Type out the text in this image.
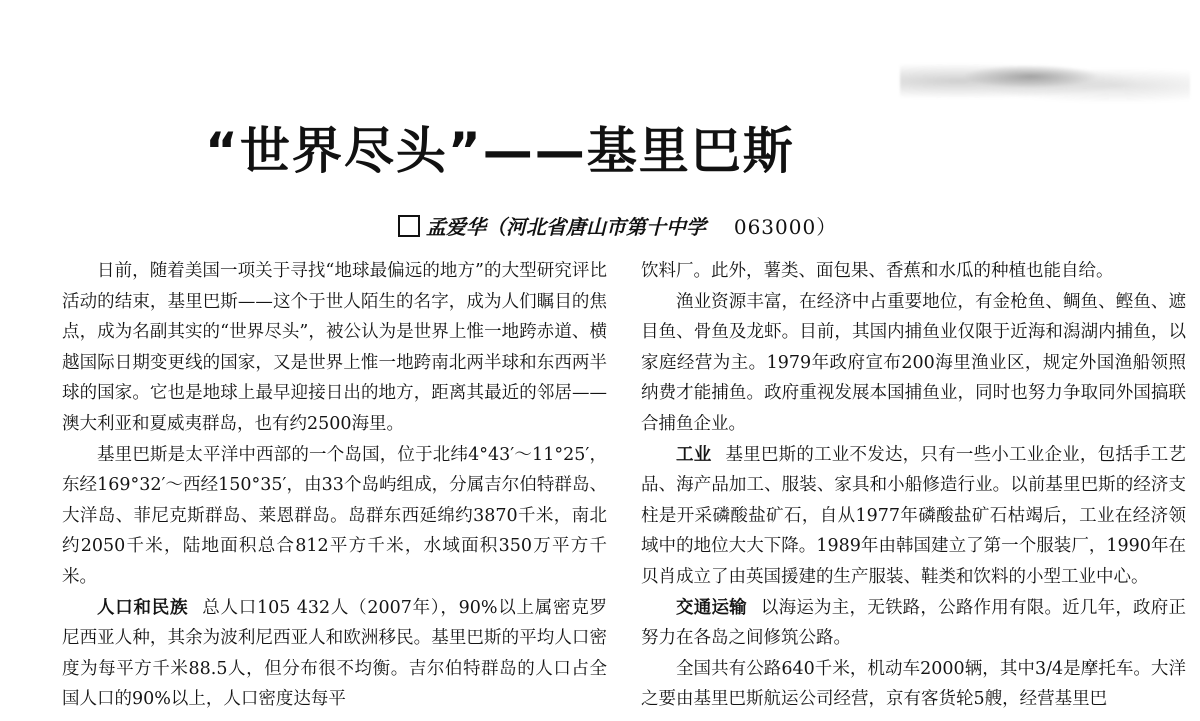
“世界尽头”——基里巴斯
孟爱华（河北省唐山市第十中学 063000）

日前，随着美国一项关于寻找“地球最偏远的地方”的大型研究评比活动的结束，基里巴斯——这个于世人陌生的名字，成为人们瞩目的焦点，成为名副其实的“世界尽头”，被公认为是世界上惟一地跨赤道、横越国际日期变更线的国家，又是世界上惟一地跨南北两半球和东西两半球的国家。它也是地球上最早迎接日出的地方，距离其最近的邻居——澳大利亚和夏威夷群岛，也有约2500海里。

基里巴斯是太平洋中西部的一个岛国，位于北纬4°43′～11°25′，东经169°32′～西经150°35′，由33个岛屿组成，分属吉尔伯特群岛、大洋岛、菲尼克斯群岛、莱恩群岛。岛群东西延绵约3870千米，南北约2050千米，陆地面积总合812平方千米，水域面积350万平方千米。

人口和民族 总人口105 432人（2007年），90%以上属密克罗尼西亚人种，其余为波利尼西亚人和欧洲移民。基里巴斯的平均人口密度为每平方千米88.5人，但分布很不均衡。吉尔伯特群岛的人口占全国人口的90%以上，人口密度达每平

饮料厂。此外，薯类、面包果、香蕉和水瓜的种植也能自给。

渔业资源丰富，在经济中占重要地位，有金枪鱼、鲷鱼、鲣鱼、遮目鱼、骨鱼及龙虾。目前，其国内捕鱼业仅限于近海和潟湖内捕鱼，以家庭经营为主。1979年政府宣布200海里渔业区，规定外国渔船领照纳费才能捕鱼。政府重视发展本国捕鱼业，同时也努力争取同外国搞联合捕鱼企业。

工业 基里巴斯的工业不发达，只有一些小工业企业，包括手工艺品、海产品加工、服装、家具和小船修造行业。以前基里巴斯的经济支柱是开采磷酸盐矿石，自从1977年磷酸盐矿石枯竭后，工业在经济领域中的地位大大下降。1989年由韩国建立了第一个服装厂，1990年在贝肖成立了由英国援建的生产服装、鞋类和饮料的小型工业中心。

交通运输 以海运为主，无铁路，公路作用有限。近几年，政府正努力在各岛之间修筑公路。

全国共有公路640千米，机动车2000辆，其中3/4是摩托车。大洋之要由基里巴斯航运公司经营，京有客货轮5艘，经营基里巴
